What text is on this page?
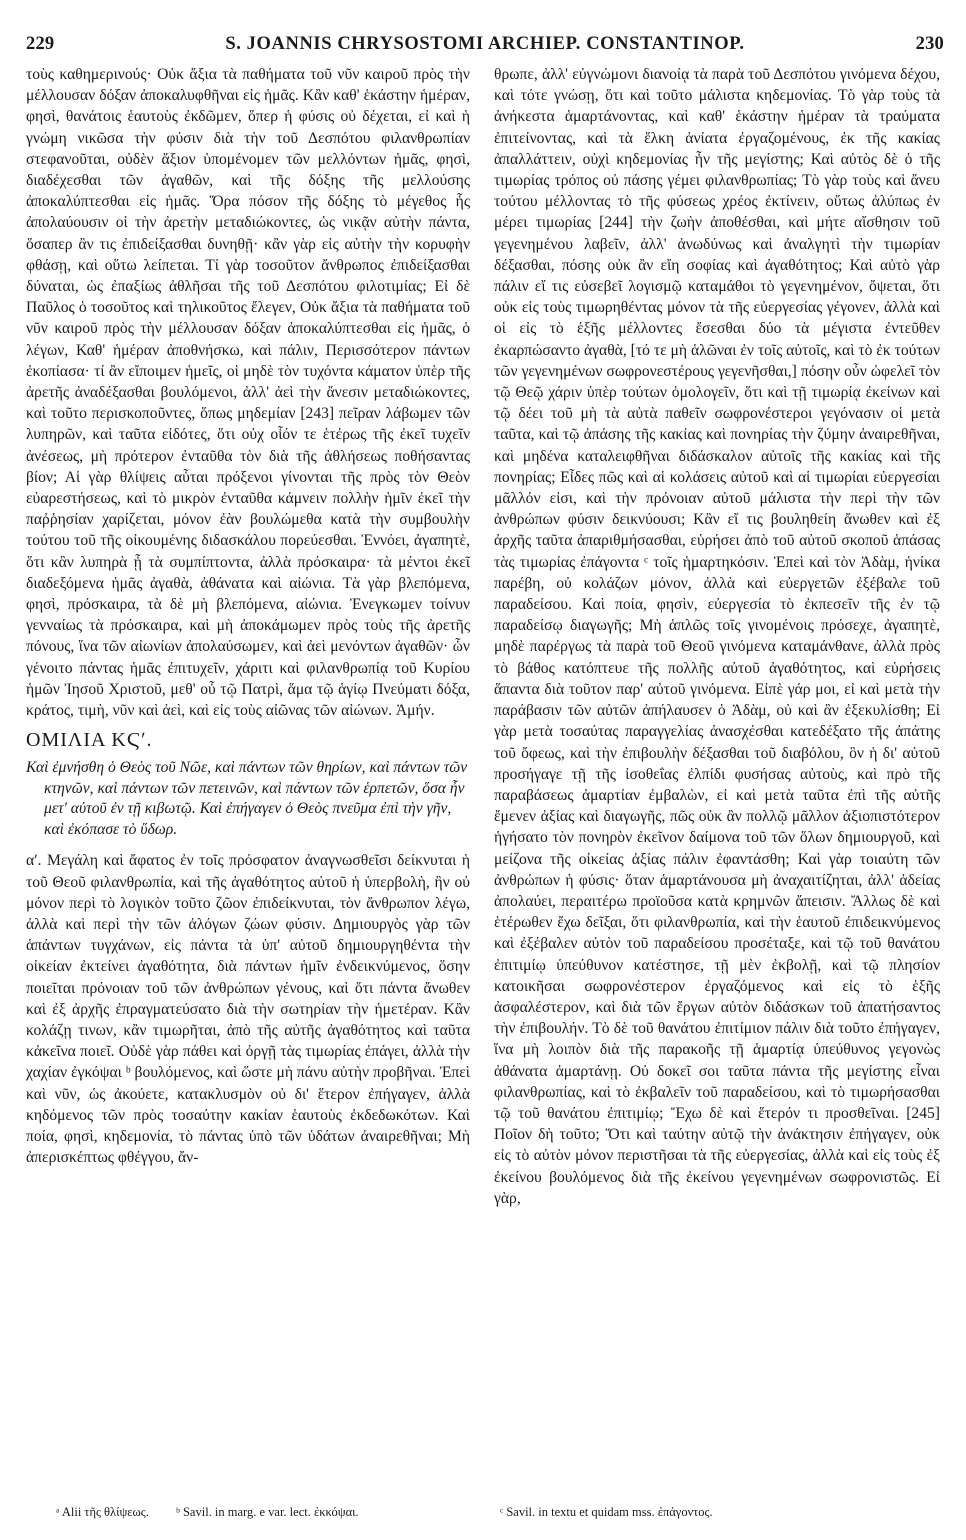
229	S. JOANNIS CHRYSOSTOMI ARCHIEP. CONSTANTINOP.	230

τοὺς καθημερινούς· Οὐκ ἄξια τὰ παθήματα τοῦ νῦν καιροῦ πρὸς τὴν μέλλουσαν δόξαν ἀποκαλυφθῆναι εἰς ἡμᾶς. Κἂν καθ' ἑκάστην ἡμέραν, φησὶ, θανάτοις ἑαυτοὺς ἐκδῶμεν, ὅπερ ἡ φύσις οὐ δέχεται, εἰ καὶ ἡ γνώμη νικῶσα τὴν φύσιν διὰ τὴν τοῦ Δεσπότου φιλανθρωπίαν στεφανοῦται, οὐδὲν ἄξιον ὑπομένομεν τῶν μελλόντων ἡμᾶς, φησὶ, διαδέχεσθαι τῶν ἀγαθῶν, καὶ τῆς δόξης τῆς μελλούσης ἀποκαλύπτεσθαι εἰς ἡμᾶς. Ὅρα πόσον τῆς δόξης τὸ μέγεθος ἧς ἀπολαύουσιν οἱ τὴν ἀρετὴν μεταδιώκοντες, ὡς νικᾷν αὐτὴν πάντα, ὅσαπερ ἂν τις ἐπιδείξασθαι δυνηθῇ· κἂν γὰρ εἰς αὐτὴν τὴν κορυφὴν φθάσῃ, καὶ οὕτω λείπεται. Τί γὰρ τοσοῦτον ἄνθρωπος ἐπιδείξασθαι δύναται, ὡς ἐπαξίως ἀθλῆσαι τῆς τοῦ Δεσπότου φιλοτιμίας; Εἰ δὲ Παῦλος ὁ τοσοῦτος καὶ τηλικοῦτος ἔλεγεν, Οὐκ ἄξια τὰ παθήματα τοῦ νῦν καιροῦ πρὸς τὴν μέλλουσαν δόξαν ἀποκαλύπτεσθαι εἰς ἡμᾶς, ὁ λέγων, Καθ' ἡμέραν ἀποθνήσκω, καὶ πάλιν, Περισσότερον πάντων ἐκοπίασα· τί ἂν εἴποιμεν ἡμεῖς, οἱ μηδὲ τὸν τυχόντα κάματον ὑπὲρ τῆς ἀρετῆς ἀναδέξασθαι βουλόμενοι, ἀλλ' ἀεὶ τὴν ἄνεσιν μεταδιώκοντες, καὶ τοῦτο περισκοποῦντες, ὅπως μηδεμίαν [243] πεῖραν λάβωμεν τῶν λυπηρῶν, καὶ ταῦτα εἰδότες, ὅτι οὐχ οἷόν τε ἑτέρως τῆς ἐκεῖ τυχεῖν ἀνέσεως, μὴ πρότερον ἐνταῦθα τὸν διὰ τῆς ἀθλήσεως ποθήσαντας βίον; Αἱ γὰρ θλίψεις αὗται πρόξενοι γίνονται τῆς πρὸς τὸν Θεὸν εὐαρεστήσεως, καὶ τὸ μικρὸν ἐνταῦθα κάμνειν πολλὴν ἡμῖν ἐκεῖ τὴν παῤῥησίαν χαρίζεται, μόνον ἐὰν βουλώμεθα κατὰ τὴν συμβουλὴν τούτου τοῦ τῆς οἰκουμένης διδασκάλου πορεύεσθαι. Ἐννόει, ἀγαπητὲ, ὅτι κἂν λυπηρὰ ᾖ τὰ συμπίπτοντα, ἀλλὰ πρόσκαιρα· τὰ μέντοι ἐκεῖ διαδεξόμενα ἡμᾶς ἀγαθὰ, ἀθάνατα καὶ αἰώνια. Τὰ γὰρ βλεπόμενα, φησὶ, πρόσκαιρα, τὰ δὲ μὴ βλεπόμενα, αἰώνια. Ἐνεγκωμεν τοίνυν γενναίως τὰ πρόσκαιρα, καὶ μὴ ἀποκάμωμεν πρὸς τοὺς τῆς ἀρετῆς πόνους, ἵνα τῶν αἰωνίων ἀπολαύσωμεν, καὶ ἀεὶ μενόντων ἀγαθῶν· ὧν γένοιτο πάντας ἡμᾶς ἐπιτυχεῖν, χάριτι καὶ φιλανθρωπίᾳ τοῦ Κυρίου ἡμῶν Ἰησοῦ Χριστοῦ, μεθ' οὗ τῷ Πατρὶ, ἅμα τῷ ἁγίῳ Πνεύματι δόξα, κράτος, τιμὴ, νῦν καὶ ἀεὶ, καὶ εἰς τοὺς αἰῶνας τῶν αἰώνων. Ἀμήν.

ΟΜΙΛΙΑ ΚϚʹ.

Καὶ ἐμνήσθη ὁ Θεὸς τοῦ Νῶε, καὶ πάντων τῶν θηρίων, καὶ πάντων τῶν κτηνῶν, καὶ πάντων τῶν πετεινῶν, καὶ πάντων τῶν ἑρπετῶν, ὅσα ἦν μετ' αὐτοῦ ἐν τῇ κιβωτῷ. Καὶ ἐπήγαγεν ὁ Θεὸς πνεῦμα ἐπὶ τὴν γῆν, καὶ ἐκόπασε τὸ ὕδωρ.

αʹ. Μεγάλη καὶ ἄφατος ἐν τοῖς πρόσφατον ἀναγνωσθεῖσι δείκνυται ἡ τοῦ Θεοῦ φιλανθρωπία, καὶ τῆς ἀγαθότητος αὐτοῦ ἡ ὑπερβολὴ, ἣν οὐ μόνον περὶ τὸ λογικὸν τοῦτο ζῶον ἐπιδείκνυται, τὸν ἄνθρωπον λέγω, ἀλλὰ καὶ περὶ τὴν τῶν ἀλόγων ζώων φύσιν. Δημιουργὸς γὰρ τῶν ἁπάντων τυγχάνων, εἰς πάντα τὰ ὑπ' αὐτοῦ δημιουργηθέντα τὴν οἰκείαν ἐκτείνει ἀγαθότητα, διὰ πάντων ἡμῖν ἐνδεικνύμενος, ὅσην ποιεῖται πρόνοιαν τοῦ τῶν ἀνθρώπων γένους, καὶ ὅτι πάντα ἄνωθεν καὶ ἐξ ἀρχῆς ἐπραγματεύσατο διὰ τὴν σωτηρίαν τὴν ἡμετέραν. Κἂν κολάζῃ τινων, κἂν τιμωρῆται, ἀπὸ τῆς αὐτῆς ἀγαθότητος καὶ ταῦτα κἀκεῖνα ποιεῖ. Οὐδὲ γὰρ πάθει καὶ ὀργῇ τὰς τιμωρίας ἐπάγει, ἀλλὰ τὴν χαχίαν ἐγκόψαι ᵇ βουλόμενος, καὶ ὥστε μὴ πάνυ αὐτὴν προβῆναι. Ἐπεὶ καὶ νῦν, ὡς ἀκούετε, κατακλυσμὸν οὐ δι' ἕτερον ἐπήγαγεν, ἀλλὰ κηδόμενος τῶν πρὸς τοσαύτην κακίαν ἑαυτοὺς ἐκδεδωκότων. Καὶ ποία, φησὶ, κηδεμονία, τὸ πάντας ὑπὸ τῶν ὑδάτων ἀναιρεθῆναι; Μὴ ἀπερισκέπτως φθέγγου, ἄν-

θρωπε, ἀλλ' εὐγνώμονι διανοίᾳ τὰ παρὰ τοῦ Δεσπότου γινόμενα δέχου, καὶ τότε γνώσῃ, ὅτι καὶ τοῦτο μάλιστα κηδεμονίας. Τὸ γὰρ τοὺς τὰ ἀνήκεστα ἁμαρτάνοντας, καὶ καθ' ἑκάστην ἡμέραν τὰ τραύματα ἐπιτείνοντας, καὶ τὰ ἕλκη ἀνίατα ἐργαζομένους, ἐκ τῆς κακίας ἀπαλλάττειν, οὐχὶ κηδεμονίας ἦν τῆς μεγίστης; Καὶ αὐτὸς δὲ ὁ τῆς τιμωρίας τρόπος οὐ πάσης γέμει φιλανθρωπίας; Τὸ γὰρ τοὺς καὶ ἄνευ τούτου μέλλοντας τὸ τῆς φύσεως χρέος ἐκτίνειν, οὕτως ἀλύπως ἐν μέρει τιμωρίας [244] τὴν ζωὴν ἀποθέσθαι, καὶ μήτε αἴσθησιν τοῦ γεγενημένου λαβεῖν, ἀλλ' ἀνωδύνως καὶ ἀναλγητὶ τὴν τιμωρίαν δέξασθαι, πόσης οὐκ ἂν εἴη σοφίας καὶ ἀγαθότητος; Καὶ αὐτὸ γὰρ πάλιν εἴ τις εὐσεβεῖ λογισμῷ καταμάθοι τὸ γεγενημένον, ὄψεται, ὅτι οὐκ εἰς τοὺς τιμωρηθέντας μόνον τὰ τῆς εὐεργεσίας γέγονεν, ἀλλὰ καὶ οἱ εἰς τὸ ἑξῆς μέλλοντες ἔσεσθαι δύο τὰ μέγιστα ἐντεῦθεν ἐκαρπώσαντο ἀγαθὰ, [τό τε μὴ ἁλῶναι ἐν τοῖς αὐτοῖς, καὶ τὸ ἐκ τούτων τῶν γεγενημένων σωφρονεστέρους γεγενῆσθαι,] πόσην οὖν ὠφελεῖ τὸν τῷ Θεῷ χάριν ὑπὲρ τούτων ὁμολογεῖν, ὅτι καὶ τῇ τιμωρίᾳ ἐκείνων καὶ τῷ δέει τοῦ μὴ τὰ αὐτὰ παθεῖν σωφρονέστεροι γεγόνασιν οἱ μετὰ ταῦτα, καὶ τῷ ἀπάσης τῆς κακίας καὶ πονηρίας τὴν ζύμην ἀναιρεθῆναι, καὶ μηδένα καταλειφθῆναι διδάσκαλον αὐτοῖς τῆς κακίας καὶ τῆς πονηρίας; Εἶδες πῶς καὶ αἱ κολάσεις αὐτοῦ καὶ αἱ τιμωρίαι εὐεργεσίαι μᾶλλόν εἰσι, καὶ τὴν πρόνοιαν αὐτοῦ μάλιστα τὴν περὶ τὴν τῶν ἀνθρώπων φύσιν δεικνύουσι; Κἂν εἴ τις βουληθείη ἄνωθεν καὶ ἐξ ἀρχῆς ταῦτα ἀπαριθμήσασθαι, εὑρήσει ἀπὸ τοῦ αὐτοῦ σκοποῦ ἁπάσας τὰς τιμωρίας ἐπάγοντα ᶜ τοῖς ἡμαρτηκόσιν. Ἐπεὶ καὶ τὸν Ἀδὰμ, ἡνίκα παρέβη, οὐ κολάζων μόνον, ἀλλὰ καὶ εὐεργετῶν ἐξέβαλε τοῦ παραδείσου. Καὶ ποία, φησὶν, εὐεργεσία τὸ ἐκπεσεῖν τῆς ἐν τῷ παραδείσῳ διαγωγῆς; Μὴ ἁπλῶς τοῖς γινομένοις πρόσεχε, ἀγαπητὲ, μηδὲ παρέργως τὰ παρὰ τοῦ Θεοῦ γινόμενα καταμάνθανε, ἀλλὰ πρὸς τὸ βάθος κατόπτευε τῆς πολλῆς αὐτοῦ ἀγαθότητος, καὶ εὑρήσεις ἅπαντα διὰ τοῦτον παρ' αὐτοῦ γινόμενα. Εἰπὲ γάρ μοι, εἰ καὶ μετὰ τὴν παράβασιν τῶν αὐτῶν ἀπήλαυσεν ὁ Ἀδὰμ, οὐ καὶ ἂν ἐξεκυλίσθη; Εἰ γὰρ μετὰ τοσαύτας παραγγελίας ἀνασχέσθαι κατεδέξατο τῆς ἀπάτης τοῦ ὄφεως, καὶ τὴν ἐπιβουλὴν δέξασθαι τοῦ διαβόλου, ὃν ἡ δι' αὐτοῦ προσήγαγε τῇ τῆς ἰσοθεΐας ἐλπίδι φυσήσας αὐτοὺς, καὶ πρὸ τῆς παραβάσεως ἁμαρτίαν ἐμβαλὼν, εἰ καὶ μετὰ ταῦτα ἐπὶ τῆς αὐτῆς ἔμενεν ἀξίας καὶ διαγωγῆς, πῶς οὐκ ἂν πολλῷ μᾶλλον ἀξιοπιστότερον ἡγήσατο τὸν πονηρὸν ἐκεῖνον δαίμονα τοῦ τῶν ὅλων δημιουργοῦ, καὶ μείζονα τῆς οἰκείας ἀξίας πάλιν ἐφαντάσθη; Καὶ γὰρ τοιαύτη τῶν ἀνθρώπων ἡ φύσις· ὅταν ἁμαρτάνουσα μὴ ἀναχαιτίζηται, ἀλλ' ἀδείας ἀπολαύει, περαιτέρω προϊοῦσα κατὰ κρημνῶν ἄπεισιν. Ἄλλως δὲ καὶ ἑτέρωθεν ἔχω δεῖξαι, ὅτι φιλανθρωπία, καὶ τὴν ἑαυτοῦ ἐπιδεικνύμενος καὶ ἐξέβαλεν αὐτὸν τοῦ παραδείσου προσέταξε, καὶ τῷ τοῦ θανάτου ἐπιτιμίῳ ὑπεύθυνον κατέστησε, τῇ μὲν ἐκβολῇ, καὶ τῷ πλησίον κατοικῆσαι σωφρονέστερον ἐργαζόμενος καὶ εἰς τὸ ἑξῆς ἀσφαλέστερον, καὶ διὰ τῶν ἔργων αὐτὸν διδάσκων τοῦ ἀπατήσαντος τὴν ἐπιβουλήν. Τὸ δὲ τοῦ θανάτου ἐπιτίμιον πάλιν διὰ τοῦτο ἐπήγαγεν, ἵνα μὴ λοιπὸν διὰ τῆς παρακοῆς τῇ ἁμαρτίᾳ ὑπεύθυνος γεγονὼς ἀθάνατα ἁμαρτάνῃ. Οὐ δοκεῖ σοι ταῦτα πάντα τῆς μεγίστης εἶναι φιλανθρωπίας, καὶ τὸ ἐκβαλεῖν τοῦ παραδείσου, καὶ τὸ τιμωρήσασθαι τῷ τοῦ θανάτου ἐπιτιμίῳ; Ἔχω δὲ καὶ ἕτερόν τι προσθεῖναι. [245] Ποῖον δὴ τοῦτο; Ὅτι καὶ ταύτην αὐτῷ τὴν ἀνάκτησιν ἐπήγαγεν, οὐκ εἰς τὸ αὐτὸν μόνον περιστῆσαι τὰ τῆς εὐεργεσίας, ἀλλὰ καὶ εἰς τοὺς ἐξ ἐκείνου βουλόμενος διὰ τῆς ἐκείνου γεγενημένων σωφρονιστῶς. Εἰ γὰρ,

ᵃ Alii τῆς θλίψεως. ᵇ Savil. in marg. e var. lect. ἐκκόψαι.	ᶜ Savil. in textu et quidam mss. ἐπάγοντος.
